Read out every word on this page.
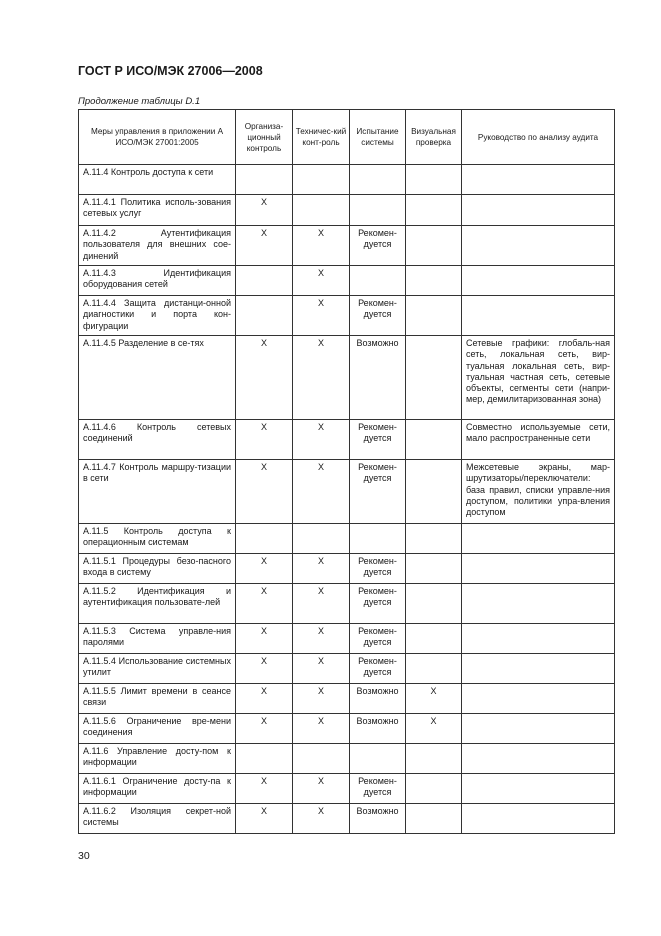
ГОСТ Р ИСО/МЭК 27006—2008
Продолжение таблицы D.1
Меры управления в приложении А ИСО/МЭК 27001:2005	Организа-ционный контроль	Техничес-кий конт-роль	Испытание системы	Визуальная проверка	Руководство по анализу аудита
А.11.4 Контроль доступа к сети					
А.11.4.1 Политика исполь-зования сетевых услуг	X				
А.11.4.2 Аутентификация пользователя для внешних сое-динений	X	X	Рекомен-дуется		
А.11.4.3 Идентификация оборудования сетей		X			
А.11.4.4 Защита дистанци-онной диагностики и порта кон-фигурации		X	Рекомен-дуется		
А.11.4.5 Разделение в се-тях	X	X	Возможно		Сетевые графики: глобаль-ная сеть, локальная сеть, вир-туальная локальная сеть, вир-туальная частная сеть, сетевые объекты, сегменты сети (напри-мер, демилитаризованная зона)
А.11.4.6 Контроль сетевых соединений	X	X	Рекомен-дуется		Совместно используемые сети, мало распространенные сети
А.11.4.7 Контроль маршру-тизации в сети	X	X	Рекомен-дуется		Межсетевые экраны, мар-шрутизаторы/переключатели: база правил, списки управле-ния доступом, политики упра-вления доступом
А.11.5 Контроль доступа к операционным системам					
А.11.5.1 Процедуры безо-пасного входа в систему	X	X	Рекомен-дуется		
А.11.5.2 Идентификация и аутентификация пользовате-лей	X	X	Рекомен-дуется		
А.11.5.3 Система управле-ния паролями	X	X	Рекомен-дуется		
А.11.5.4 Использование системных утилит	X	X	Рекомен-дуется		
А.11.5.5 Лимит времени в сеансе связи	X	X	Возможно	X	
А.11.5.6 Ограничение вре-мени соединения	X	X	Возможно	X	
А.11.6 Управление досту-пом к информации					
А.11.6.1 Ограничение досту-па к информации	X	X	Рекомен-дуется		
А.11.6.2 Изоляция секрет-ной системы	X	X	Возможно		
30
